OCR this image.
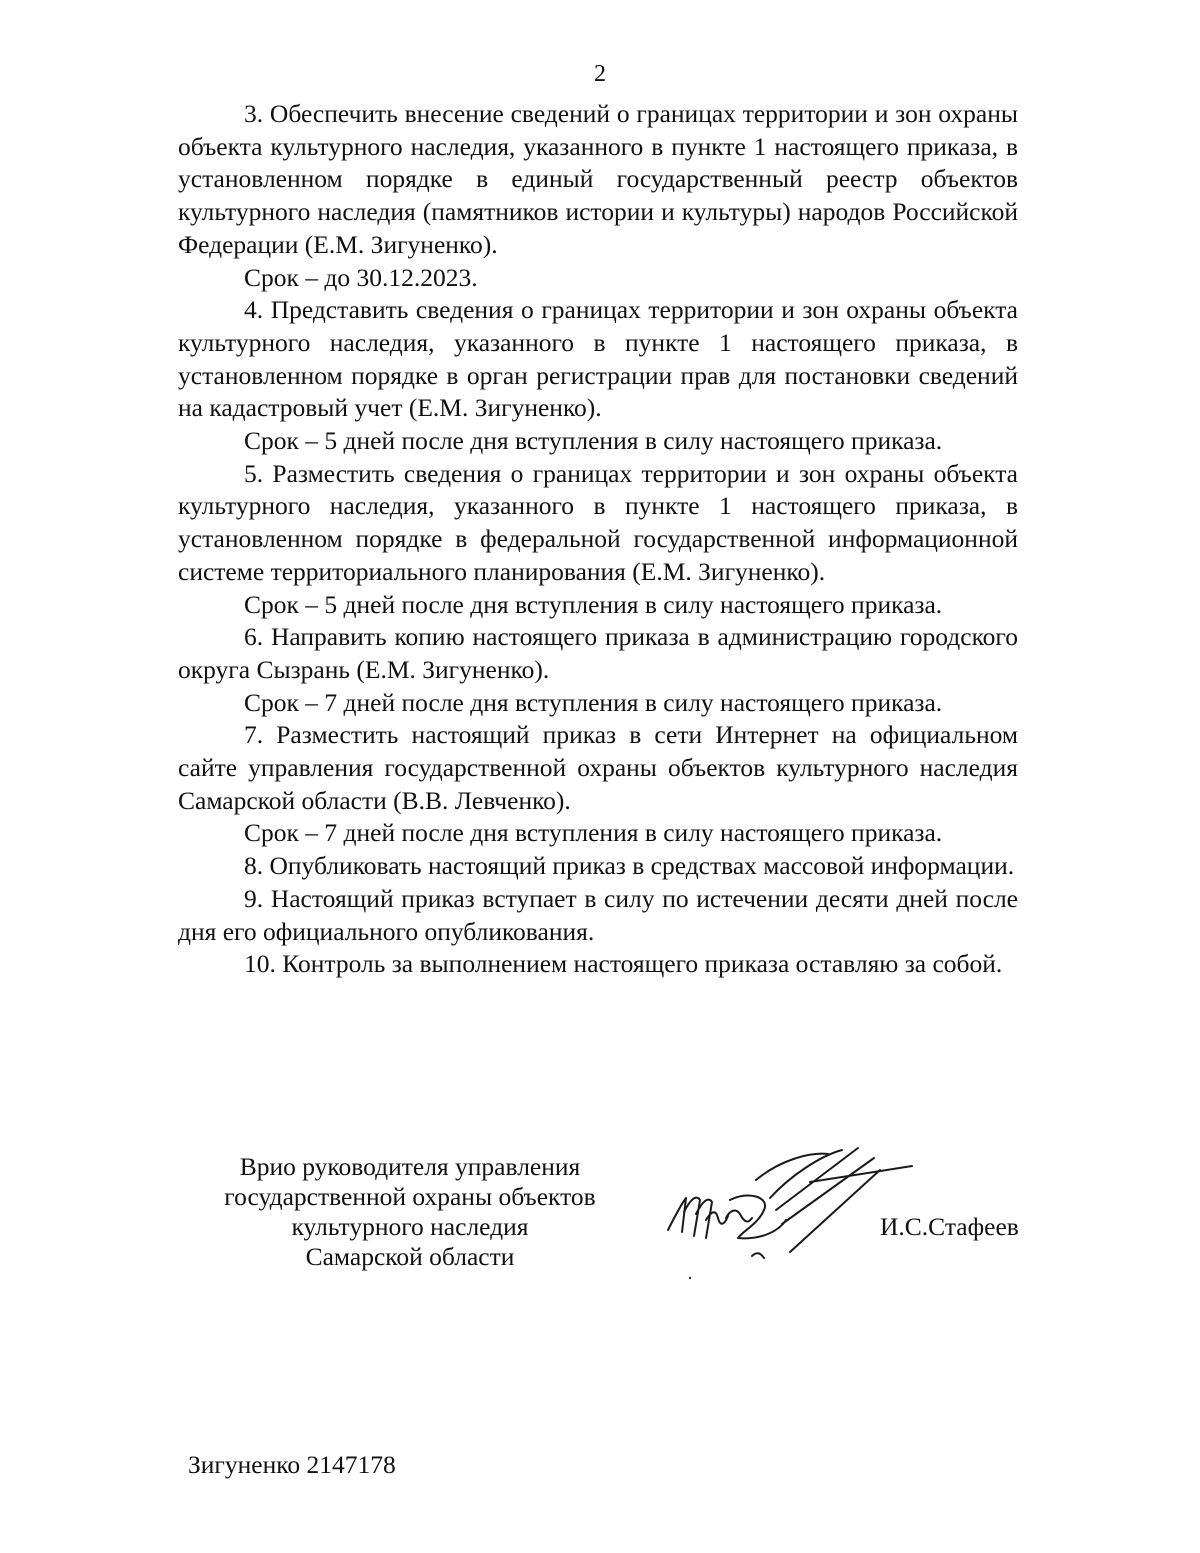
2

3. Обеспечить внесение сведений о границах территории и зон охраны объекта культурного наследия, указанного в пункте 1 настоящего приказа, в установленном порядке в единый государственный реестр объектов культурного наследия (памятников истории и культуры) народов Российской Федерации (Е.М. Зигуненко).

Срок – до 30.12.2023.

4. Представить сведения о границах территории и зон охраны объекта культурного наследия, указанного в пункте 1 настоящего приказа, в установленном порядке в орган регистрации прав для постановки сведений на кадастровый учет (Е.М. Зигуненко).

Срок – 5 дней после дня вступления в силу настоящего приказа.

5. Разместить сведения о границах территории и зон охраны объекта культурного наследия, указанного в пункте 1 настоящего приказа, в установленном порядке в федеральной государственной информационной системе территориального планирования (Е.М. Зигуненко).

Срок – 5 дней после дня вступления в силу настоящего приказа.

6. Направить копию настоящего приказа в администрацию городского округа Сызрань (Е.М. Зигуненко).

Срок – 7 дней после дня вступления в силу настоящего приказа.

7. Разместить настоящий приказ в сети Интернет на официальном сайте управления государственной охраны объектов культурного наследия Самарской области (В.В. Левченко).

Срок – 7 дней после дня вступления в силу настоящего приказа.

8. Опубликовать настоящий приказ в средствах массовой информации.

9. Настоящий приказ вступает в силу по истечении десяти дней после дня его официального опубликования.

10. Контроль за выполнением настоящего приказа оставляю за собой.

Врио руководителя управления
государственной охраны объектов
культурного наследия
Самарской области
И.С.Стафеев
Зигуненко 2147178
